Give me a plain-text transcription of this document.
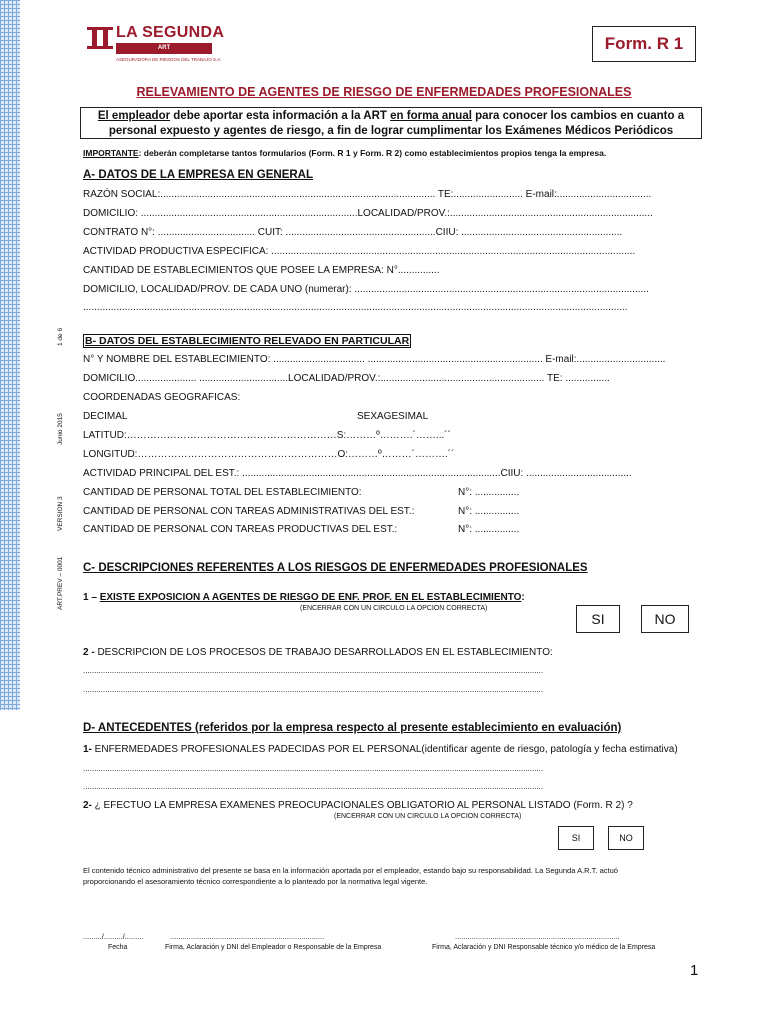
LA SEGUNDA
ART
ASEGURADORA DE RIESGOS DEL TRABAJO S.A.
Form. R 1
1 de 6
Junio 2015
VERSION 3
ART.PREV – 0001
RELEVAMIENTO DE AGENTES DE RIESGO DE ENFERMEDADES PROFESIONALES
El empleador debe aportar esta información a la ART en forma anual para conocer los cambios en cuanto a
personal expuesto y agentes de riesgo, a fin de lograr cumplimentar los Exámenes Médicos Periódicos
IMPORTANTE: deberán completarse tantos formularios (Form. R 1 y Form. R 2) como establecimientos propios tenga la empresa.
A- DATOS DE LA EMPRESA EN GENERAL
RAZÓN SOCIAL:................................................................................................... TE:......................... E-mail:..................................
DOMICILIO: ..............................................................................LOCALIDAD/PROV.:.........................................................................
CONTRATO N°: ................................... CUIT: ......................................................CIIU: ..........................................................
ACTIVIDAD PRODUCTIVA ESPECIFICA: ...................................................................................................................................
CANTIDAD DE ESTABLECIMIENTOS QUE POSEE LA EMPRESA: N°...............
DOMICILIO, LOCALIDAD/PROV. DE CADA UNO (numerar): ..........................................................................................................
....................................................................................................................................................................................................
B- DATOS DEL ESTABLECIMIENTO RELEVADO EN PARTICULAR
N° Y NOMBRE DEL ESTABLECIMIENTO: ................................. ............................................................... E-mail:................................
DOMICILIO...................... ................................LOCALIDAD/PROV.:........................................................... TE: ................
COORDENADAS GEOGRAFICAS:
DECIMAL	SEXAGESIMAL
LATITUD:………………………………………………………S:………º……….´……...´´
LONGITUD:……………………………………………………O:………º………´……….´´
ACTIVIDAD PRINCIPAL DEL EST.: .............................................................................................CIIU: ......................................
CANTIDAD DE PERSONAL TOTAL DEL ESTABLECIMIENTO:	N°: ................
CANTIDAD DE PERSONAL CON TAREAS ADMINISTRATIVAS DEL EST.:	N°: ................
CANTIDAD DE PERSONAL CON TAREAS PRODUCTIVAS DEL EST.:	N°: ................
C- DESCRIPCIONES REFERENTES A LOS RIESGOS DE ENFERMEDADES PROFESIONALES
1 – EXISTE EXPOSICION A AGENTES DE RIESGO DE ENF. PROF. EN EL ESTABLECIMIENTO:
(ENCERRAR CON UN CIRCULO LA OPCION CORRECTA)
SI	NO
2 - DESCRIPCION DE LOS PROCESOS DE TRABAJO DESARROLLADOS EN EL ESTABLECIMIENTO:
...............................................................................................................................................................................................................
...............................................................................................................................................................................................................
D- ANTECEDENTES (referidos por la empresa respecto al presente establecimiento en evaluación)
1- ENFERMEDADES PROFESIONALES PADECIDAS POR EL PERSONAL(identificar agente de riesgo, patología y fecha estimativa)
...............................................................................................................................................................................................................
...............................................................................................................................................................................................................
2- ¿ EFECTUO LA EMPRESA EXAMENES PREOCUPACIONALES OBLIGATORIO AL PERSONAL LISTADO (Form. R 2) ?
(ENCERRAR CON UN CIRCULO LA OPCION CORRECTA)
SI	NO
El contenido técnico administrativo del presente se basa en la información aportada por el empleador, estando bajo su responsabilidad. La Segunda A.R.T. actuó
proporcionando el asesoramiento técnico correspondiente a lo planteado por la normativa legal vigente.
........./........./.........	..........................................................................	...............................................................................
Fecha	Firma, Aclaración y DNI del Empleador o Responsable de la Empresa	Firma, Aclaración y DNI Responsable técnico y/o médico de la Empresa
1
